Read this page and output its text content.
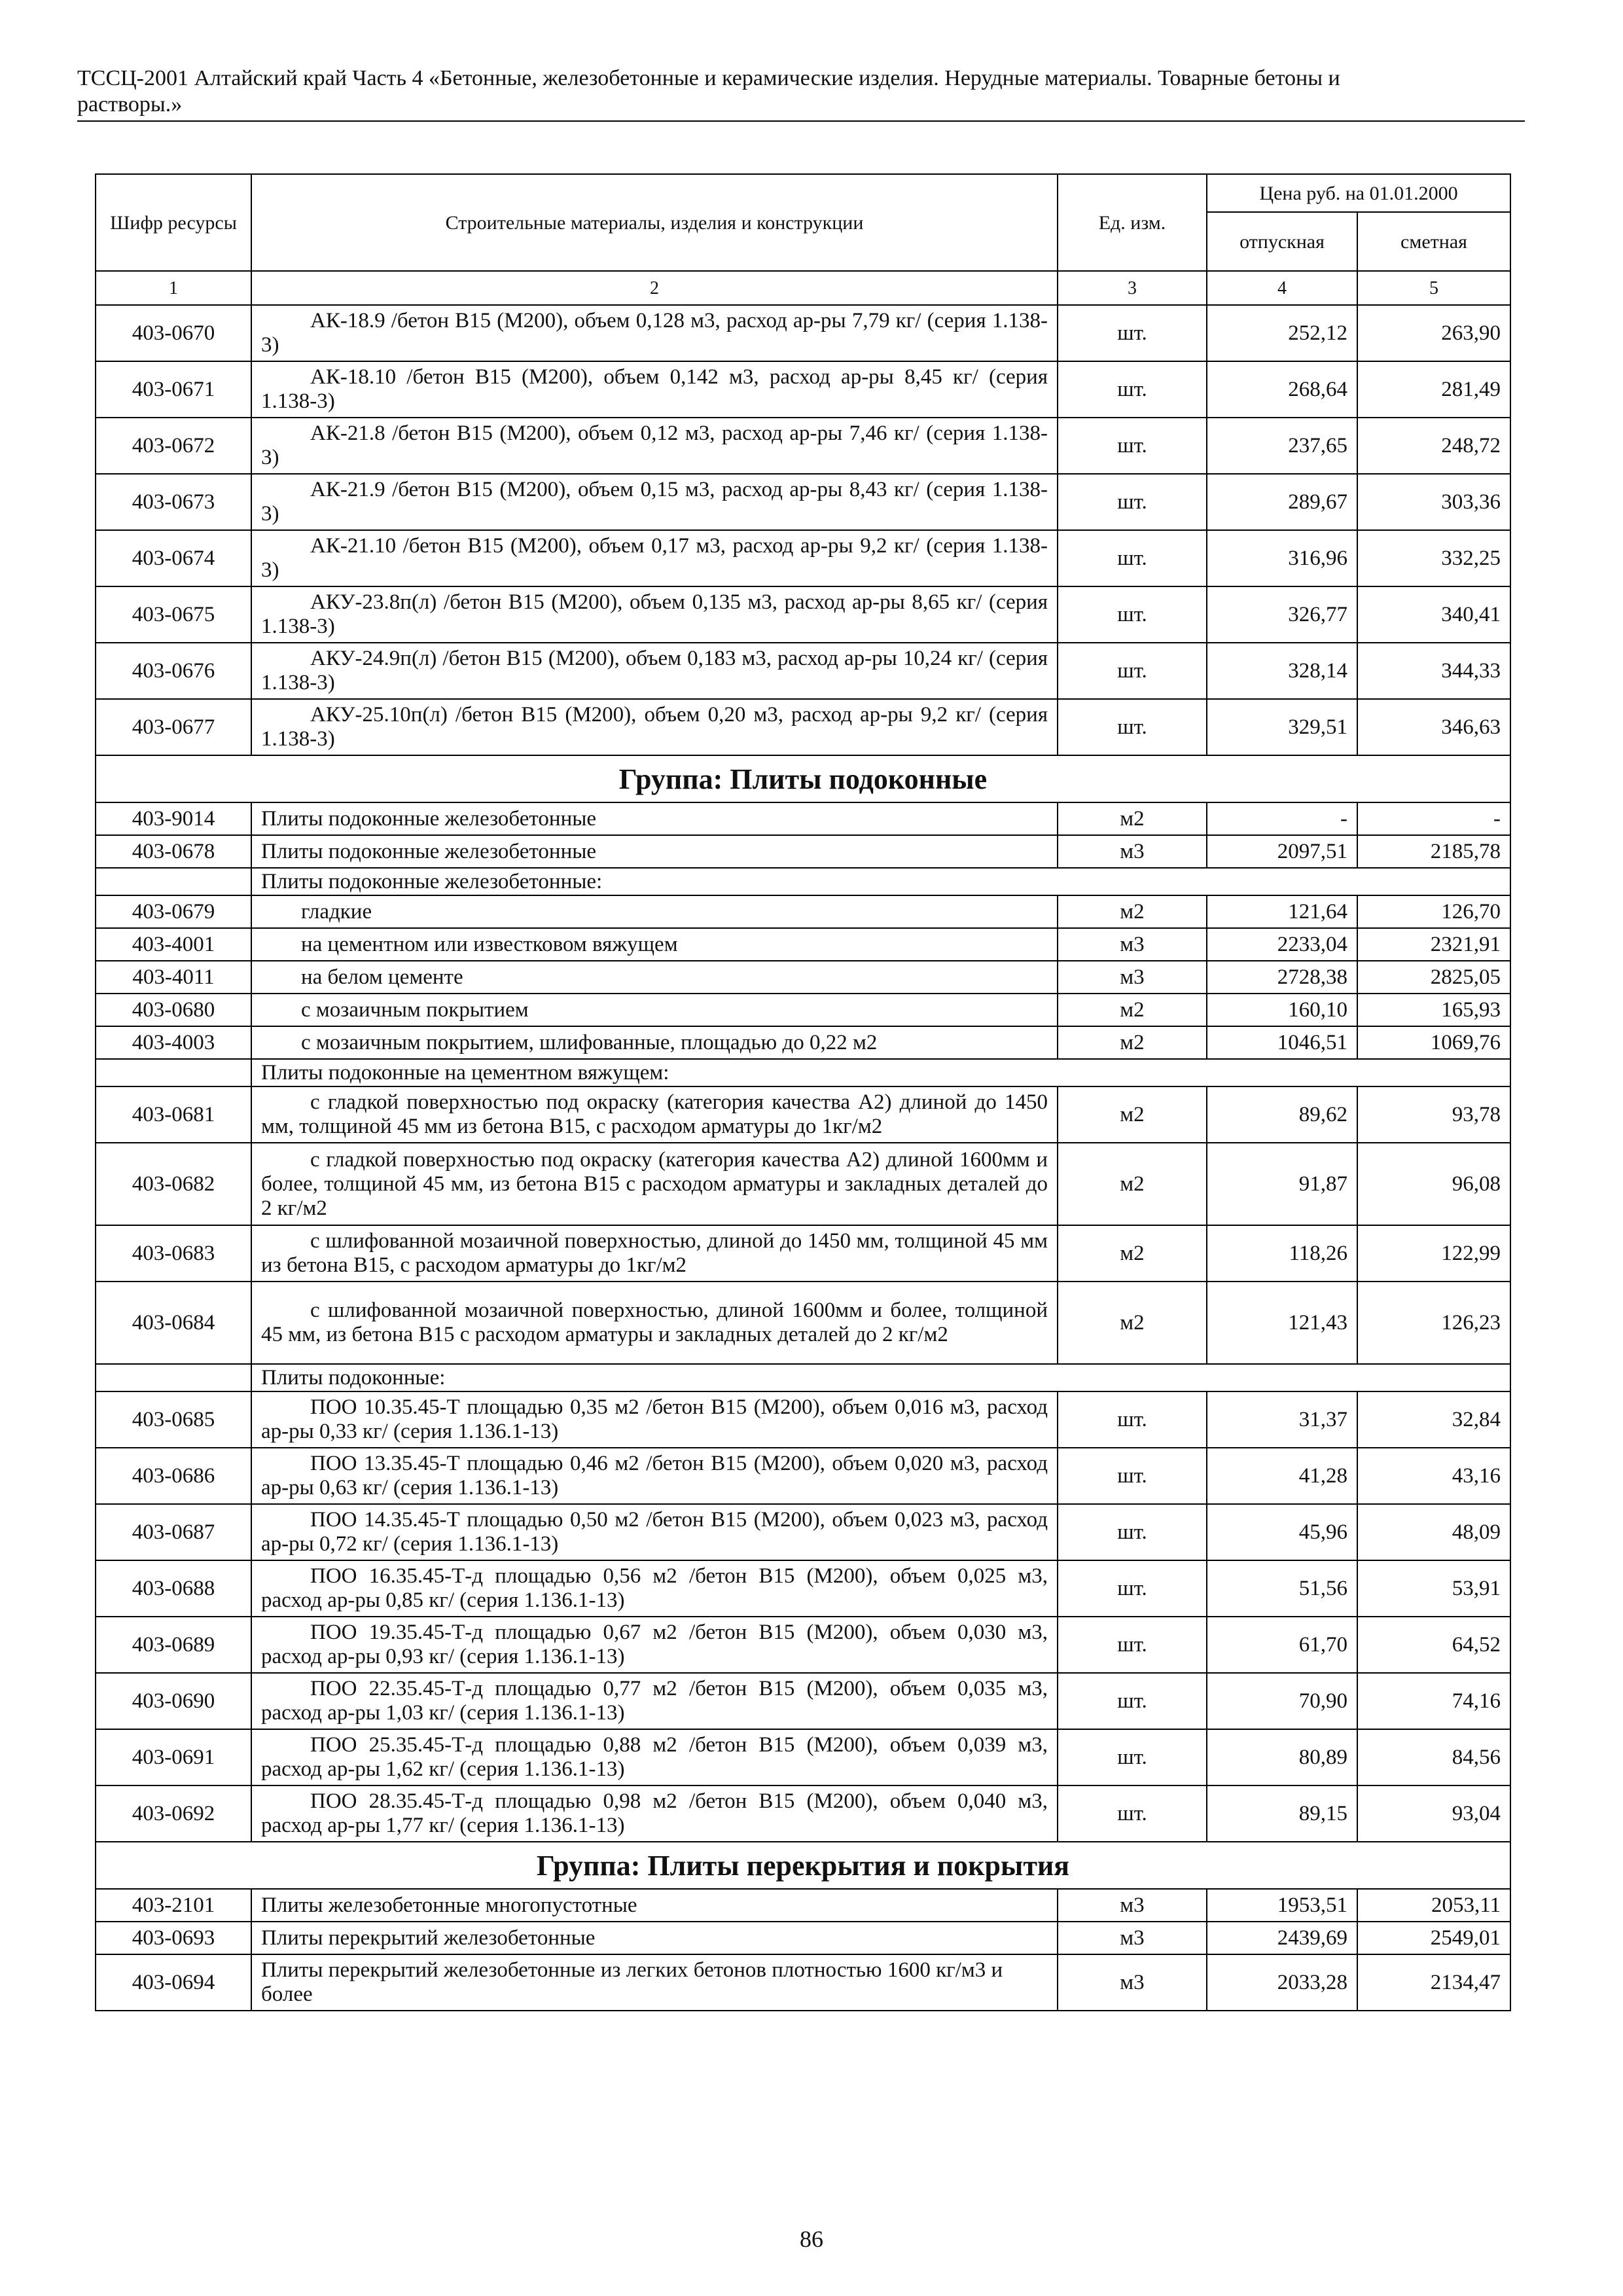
ТССЦ-2001 Алтайский край Часть 4 «Бетонные, железобетонные и керамические изделия. Нерудные материалы. Товарные бетоны и
растворы.»
Шифр ресурсы	Строительные материалы, изделия и конструкции	Ед. изм.	Цена руб. на 01.01.2000	
			отпускная	сметная
1	2	3	4	5
403-0670	АК-18.9 /бетон В15 (М200), объем 0,128 м3, расход ар-ры 7,79 кг/ (серия 1.138-3)	шт.	252,12	263,90
403-0671	АК-18.10 /бетон В15 (М200), объем 0,142 м3, расход ар-ры 8,45 кг/ (серия 1.138-3)	шт.	268,64	281,49
403-0672	АК-21.8 /бетон В15 (М200), объем 0,12 м3, расход ар-ры 7,46 кг/ (серия 1.138-3)	шт.	237,65	248,72
403-0673	АК-21.9 /бетон В15 (М200), объем 0,15 м3, расход ар-ры 8,43 кг/ (серия 1.138-3)	шт.	289,67	303,36
403-0674	АК-21.10 /бетон В15 (М200), объем 0,17 м3, расход ар-ры 9,2 кг/ (серия 1.138-3)	шт.	316,96	332,25
403-0675	АКУ-23.8п(л) /бетон В15 (М200), объем 0,135 м3, расход ар-ры 8,65 кг/ (серия 1.138-3)	шт.	326,77	340,41
403-0676	АКУ-24.9п(л) /бетон В15 (М200), объем 0,183 м3, расход ар-ры 10,24 кг/ (серия 1.138-3)	шт.	328,14	344,33
403-0677	АКУ-25.10п(л) /бетон В15 (М200), объем 0,20 м3, расход ар-ры 9,2 кг/ (серия 1.138-3)	шт.	329,51	346,63
Группа: Плиты подоконные				
403-9014	Плиты подоконные железобетонные	м2	-	-
403-0678	Плиты подоконные железобетонные	м3	2097,51	2185,78
	Плиты подоконные железобетонные:			
403-0679	гладкие	м2	121,64	126,70
403-4001	на цементном или известковом вяжущем	м3	2233,04	2321,91
403-4011	на белом цементе	м3	2728,38	2825,05
403-0680	с мозаичным покрытием	м2	160,10	165,93
403-4003	с мозаичным покрытием, шлифованные, площадью до 0,22 м2	м2	1046,51	1069,76
	Плиты подоконные на цементном вяжущем:			
403-0681	с гладкой поверхностью под окраску (категория качества А2) длиной до 1450 мм, толщиной 45 мм из бетона В15, с расходом арматуры до 1кг/м2	м2	89,62	93,78
403-0682	с гладкой поверхностью под окраску (категория качества А2) длиной 1600мм и более, толщиной 45 мм, из бетона В15 с расходом арматуры и закладных деталей до 2 кг/м2	м2	91,87	96,08
403-0683	с шлифованной мозаичной поверхностью, длиной до 1450 мм, толщиной 45 мм из бетона В15, с расходом арматуры до 1кг/м2	м2	118,26	122,99
403-0684	с шлифованной мозаичной поверхностью, длиной 1600мм и более, толщиной 45 мм, из бетона В15 с расходом арматуры и закладных деталей до 2 кг/м2	м2	121,43	126,23
	Плиты подоконные:			
403-0685	ПОО 10.35.45-Т площадью 0,35 м2 /бетон В15 (М200), объем 0,016 м3, расход ар-ры 0,33 кг/ (серия 1.136.1-13)	шт.	31,37	32,84
403-0686	ПОО 13.35.45-Т площадью 0,46 м2 /бетон В15 (М200), объем 0,020 м3, расход ар-ры 0,63 кг/ (серия 1.136.1-13)	шт.	41,28	43,16
403-0687	ПОО 14.35.45-Т площадью 0,50 м2 /бетон В15 (М200), объем 0,023 м3, расход ар-ры 0,72 кг/ (серия 1.136.1-13)	шт.	45,96	48,09
403-0688	ПОО 16.35.45-Т-д площадью 0,56 м2 /бетон В15 (М200), объем 0,025 м3, расход ар-ры 0,85 кг/ (серия 1.136.1-13)	шт.	51,56	53,91
403-0689	ПОО 19.35.45-Т-д площадью 0,67 м2 /бетон В15 (М200), объем 0,030 м3, расход ар-ры 0,93 кг/ (серия 1.136.1-13)	шт.	61,70	64,52
403-0690	ПОО 22.35.45-Т-д площадью 0,77 м2 /бетон В15 (М200), объем 0,035 м3, расход ар-ры 1,03 кг/ (серия 1.136.1-13)	шт.	70,90	74,16
403-0691	ПОО 25.35.45-Т-д площадью 0,88 м2 /бетон В15 (М200), объем 0,039 м3, расход ар-ры 1,62 кг/ (серия 1.136.1-13)	шт.	80,89	84,56
403-0692	ПОО 28.35.45-Т-д площадью 0,98 м2 /бетон В15 (М200), объем 0,040 м3, расход ар-ры 1,77 кг/ (серия 1.136.1-13)	шт.	89,15	93,04
Группа: Плиты перекрытия и покрытия				
403-2101	Плиты железобетонные многопустотные	м3	1953,51	2053,11
403-0693	Плиты перекрытий железобетонные	м3	2439,69	2549,01
403-0694	Плиты перекрытий железобетонные из легких бетонов плотностью 1600 кг/м3 и более	м3	2033,28	2134,47
86
